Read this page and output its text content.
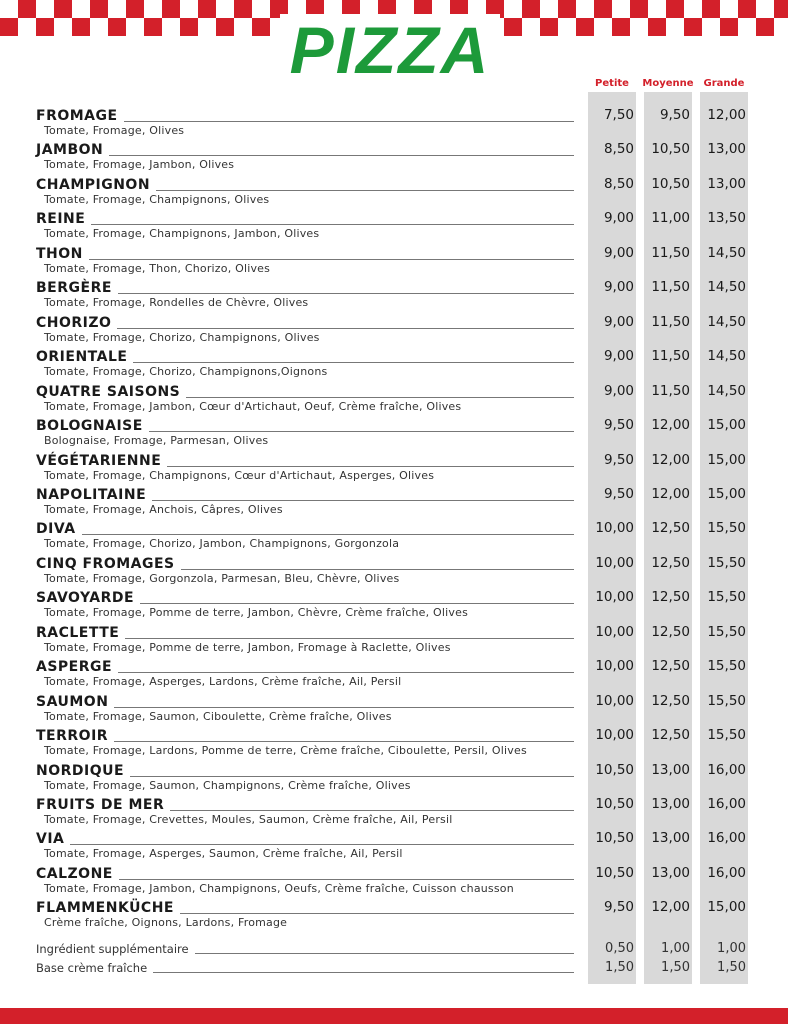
PIZZA	Petite	Moyenne Grande
FROMAGE
Tomate, Fromage, Olives
7,50	9,50	12,00
JAMBON
Tomate, Fromage, Jambon, Olives
8,50	10,50	13,00
CHAMPIGNON
Tomate, Fromage, Champignons, Olives
8,50	10,50	13,00
REINE
Tomate, Fromage, Champignons, Jambon, Olives
9,00	11,00	13,50
THON
Tomate, Fromage, Thon, Chorizo, Olives
9,00	11,50	14,50
BERGÈRE
Tomate, Fromage, Rondelles de Chèvre, Olives
9,00	11,50	14,50
CHORIZO
Tomate, Fromage, Chorizo, Champignons, Olives
9,00	11,50	14,50
ORIENTALE
Tomate, Fromage, Chorizo, Champignons,Oignons
9,00	11,50	14,50
QUATRE SAISONS
Tomate, Fromage, Jambon, Cœur d'Artichaut, Oeuf, Crème fraîche, Olives
9,00	11,50	14,50
BOLOGNAISE
Bolognaise, Fromage, Parmesan, Olives
9,50	12,00	15,00
VÉGÉTARIENNE
Tomate, Fromage, Champignons, Cœur d'Artichaut, Asperges, Olives
9,50	12,00	15,00
NAPOLITAINE
Tomate, Fromage, Anchois, Câpres, Olives
9,50	12,00	15,00
DIVA
Tomate, Fromage, Chorizo, Jambon, Champignons, Gorgonzola
10,00	12,50	15,50
CINQ FROMAGES
Tomate, Fromage, Gorgonzola, Parmesan, Bleu, Chèvre, Olives
10,00	12,50	15,50
SAVOYARDE
Tomate, Fromage, Pomme de terre, Jambon, Chèvre, Crème fraîche, Olives
10,00	12,50	15,50
RACLETTE
Tomate, Fromage, Pomme de terre, Jambon, Fromage à Raclette, Olives
10,00	12,50	15,50
ASPERGE
Tomate, Fromage, Asperges, Lardons, Crème fraîche, Ail, Persil
10,00	12,50	15,50
SAUMON
Tomate, Fromage, Saumon, Ciboulette, Crème fraîche, Olives
10,00	12,50	15,50
TERROIR
Tomate, Fromage, Lardons, Pomme de terre, Crème fraîche, Ciboulette, Persil, Olives
10,00	12,50	15,50
NORDIQUE
Tomate, Fromage, Saumon, Champignons, Crème fraîche, Olives
10,50	13,00	16,00
FRUITS DE MER
Tomate, Fromage, Crevettes, Moules, Saumon, Crème fraîche, Ail, Persil
10,50	13,00	16,00
VIA
Tomate, Fromage, Asperges, Saumon, Crème fraîche, Ail, Persil
10,50	13,00	16,00
CALZONE
Tomate, Fromage, Jambon, Champignons, Oeufs, Crème fraîche, Cuisson chausson
10,50	13,00	16,00
FLAMMENKÜCHE
Crème fraîche, Oignons, Lardons, Fromage
9,50	12,00	15,00
Ingrédient supplémentaire	0,50	1,00	1,00
Base crème fraîche	1,50	1,50	1,50
